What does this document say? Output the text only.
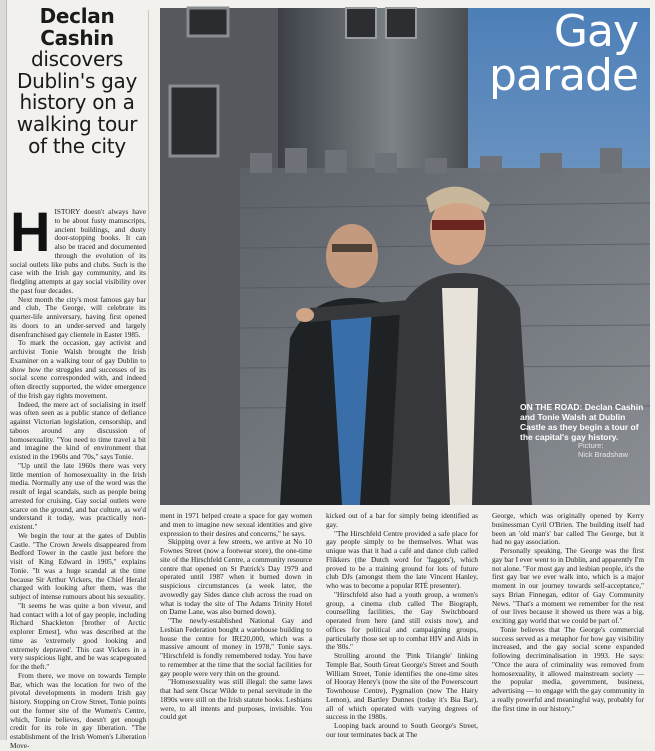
Declan Cashin
discovers Dublin's gay history on a walking tour of the city
Gay
parade
ON THE ROAD: Declan Cashin and Tonie Walsh at Dublin Castle as they begin a tour of the capital's gay history.
Picture:
Nick Bradshaw
H ISTORY doesn't always have to be about fusty manuscripts, ancient buildings, and dusty door-stopping books. It can also be traced and documented through the evolution of its social outlets like pubs and clubs. Such is the case with the Irish gay community, and its fledgling attempts at gay social visibility over the past four decades.

Next month the city's most famous gay bar and club, The George, will celebrate its quarter-life anniversary, having first opened its doors to an under-served and largely disenfranchised gay clientele in Easter 1985.

To mark the occasion, gay activist and archivist Tonie Walsh brought the Irish Examiner on a walking tour of gay Dublin to show how the struggles and successes of its social scene corresponded with, and indeed often directly supported, the wider emergence of the Irish gay rights movement.

Indeed, the mere act of socialising in itself was often seen as a public stance of defiance against Victorian legislation, censorship, and taboos around any discussion of homosexuality. "You need to time travel a bit and imagine the kind of environment that existed in the 1960s and '70s," says Tonie.

"Up until the late 1960s there was very little mention of homosexuality in the Irish media. Normally any use of the word was the result of legal scandals, such as people being arrested for cruising. Gay social outlets were scarce on the ground, and bar culture, as we'd understand it today, was practically non-existent."

We begin the tour at the gates of Dublin Castle. "The Crown Jewels disappeared from Bedford Tower in the castle just before the visit of King Edward in 1905," explains Tonie. "It was a huge scandal at the time because Sir Arthur Vickers, the Chief Herald charged with looking after them, was the subject of intense rumours about his sexuality.

"It seems he was quite a bon viveur, and had contact with a lot of gay people, including Richard Shackleton [brother of Arctic explorer Ernest], who was described at the time as 'extremely good looking and extremely depraved'. This cast Vickers in a very suspicious light, and he was scapegoated for the theft."

From there, we move on towards Temple Bar, which was the location for two of the pivotal developments in modern Irish gay history. Stopping on Crow Street, Tonie points out the former site of the Women's Centre, which, Tonie believes, doesn't get enough credit for its role in gay liberation. "The establishment of the Irish Women's Liberation Move-

ment in 1971 helped create a space for gay women and men to imagine new sexual identities and give expression to their desires and concerns," he says.

Skipping over a few streets, we arrive at No 10 Fownes Street (now a footwear store), the one-time site of the Hirschfeld Centre, a community resource centre that opened on St Patrick's Day 1979 and operated until 1987 when it burned down in suspicious circumstances (a week later, the avowedly gay Sides dance club across the road on what is today the site of The Adams Trinity Hotel on Dame Lane, was also burned down).

"The newly-established National Gay and Lesbian Federation bought a warehouse building to house the centre for IR£20,000, which was a massive amount of money in 1978," Tonie says. "Hirschfeld is fondly remembered today. You have to remember at the time that the social facilities for gay people were very thin on the ground.

"Homosexuality was still illegal: the same laws that had sent Oscar Wilde to penal servitude in the 1890s were still on the Irish statute books. Lesbians were, to all intents and purposes, invisible. You could get

kicked out of a bar for simply being identified as gay.

"The Hirschfeld Centre provided a safe place for gay people simply to be themselves. What was unique was that it had a café and dance club called Flikkers (the Dutch word for 'faggots'), which proved to be a training ground for lots of future club DJs (amongst them the late Vincent Hanley, who was to become a popular RTÉ presenter).

"Hirschfeld also had a youth group, a women's group, a cinema club called The Biograph, counselling facilities, the Gay Switchboard operated from here (and still exists now), and offices for political and campaigning groups, particularly those set up to combat HIV and Aids in the '80s."

Strolling around the 'Pink Triangle' linking Temple Bar, South Great George's Street and South William Street, Tonie identifies the one-time sites of Hooray Henry's (now the site of the Powerscourt Townhouse Centre), Pygmalion (now The Hairy Lemon), and Bartley Dunnes (today it's Bia Bar), all of which operated with varying degrees of success in the 1980s.

Looping back around to South George's Street, our tour terminates back at The

George, which was originally opened by Kerry businessman Cyril O'Brien. The building itself had been an 'old man's' bar called The George, but it had no gay association.

Personally speaking, The George was the first gay bar I ever went to in Dublin, and apparently I'm not alone. "For most gay and lesbian people, it's the first gay bar we ever walk into, which is a major moment in our journey towards self-acceptance," says Brian Finnegan, editor of Gay Community News. "That's a moment we remember for the rest of our lives because it showed us there was a big, exciting gay world that we could be part of."

Tonie believes that The George's commercial success served as a metaphor for how gay visibility increased, and the gay social scene expanded following decriminalisation in 1993. He says: "Once the aura of criminality was removed from homosexuality, it allowed mainstream society — the popular media, government, business, advertising — to engage with the gay community in a really powerful and meaningful way, probably for the first time in our history."
